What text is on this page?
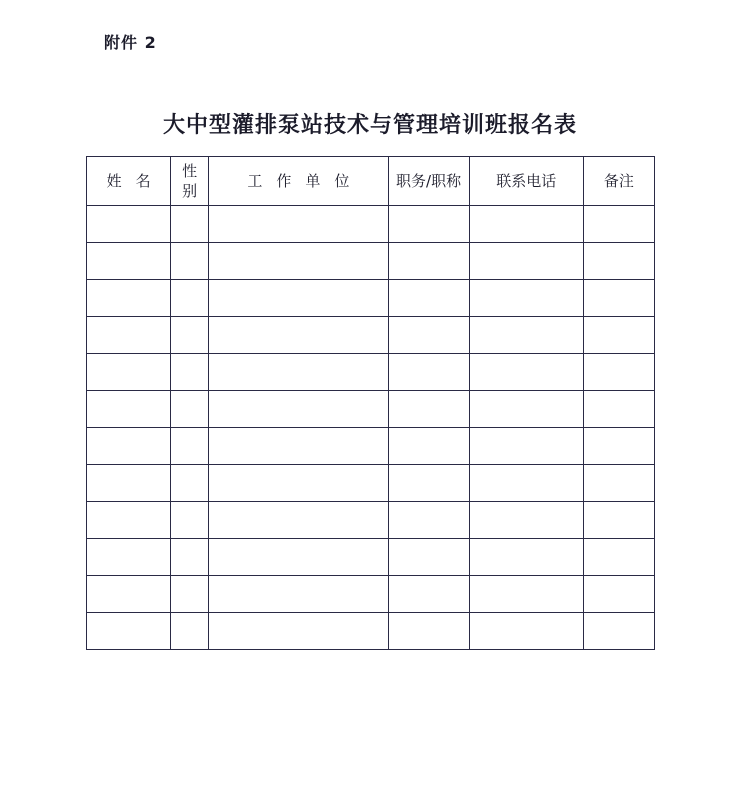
附件 2
大中型灌排泵站技术与管理培训班报名表
姓名	性别	工作单位	职务/职称	联系电话	备注
